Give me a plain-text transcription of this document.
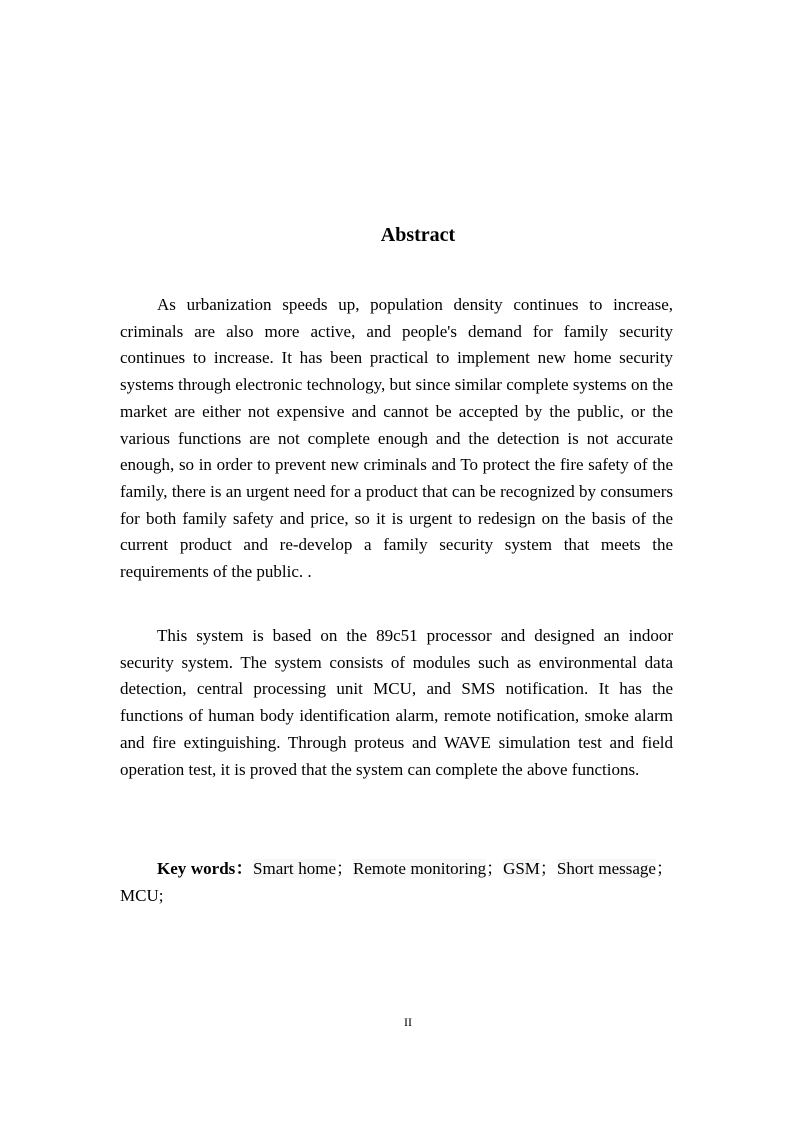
Abstract

As urbanization speeds up, population density continues to increase, criminals are also more active, and people's demand for family security continues to increase. It has been practical to implement new home security systems through electronic technology, but since similar complete systems on the market are either not expensive and cannot be accepted by the public, or the various functions are not complete enough and the detection is not accurate enough, so in order to prevent new criminals and To protect the fire safety of the family, there is an urgent need for a product that can be recognized by consumers for both family safety and price, so it is urgent to redesign on the basis of the current product and re-develop a family security system that meets the requirements of the public. .

This system is based on the 89c51 processor and designed an indoor security system. The system consists of modules such as environmental data detection, central processing unit MCU, and SMS notification. It has the functions of human body identification alarm, remote notification, smoke alarm and fire extinguishing. Through proteus and WAVE simulation test and field operation test, it is proved that the system can complete the above functions.

Key words：Smart home；Remote monitoring；GSM；Short message；MCU;
II
